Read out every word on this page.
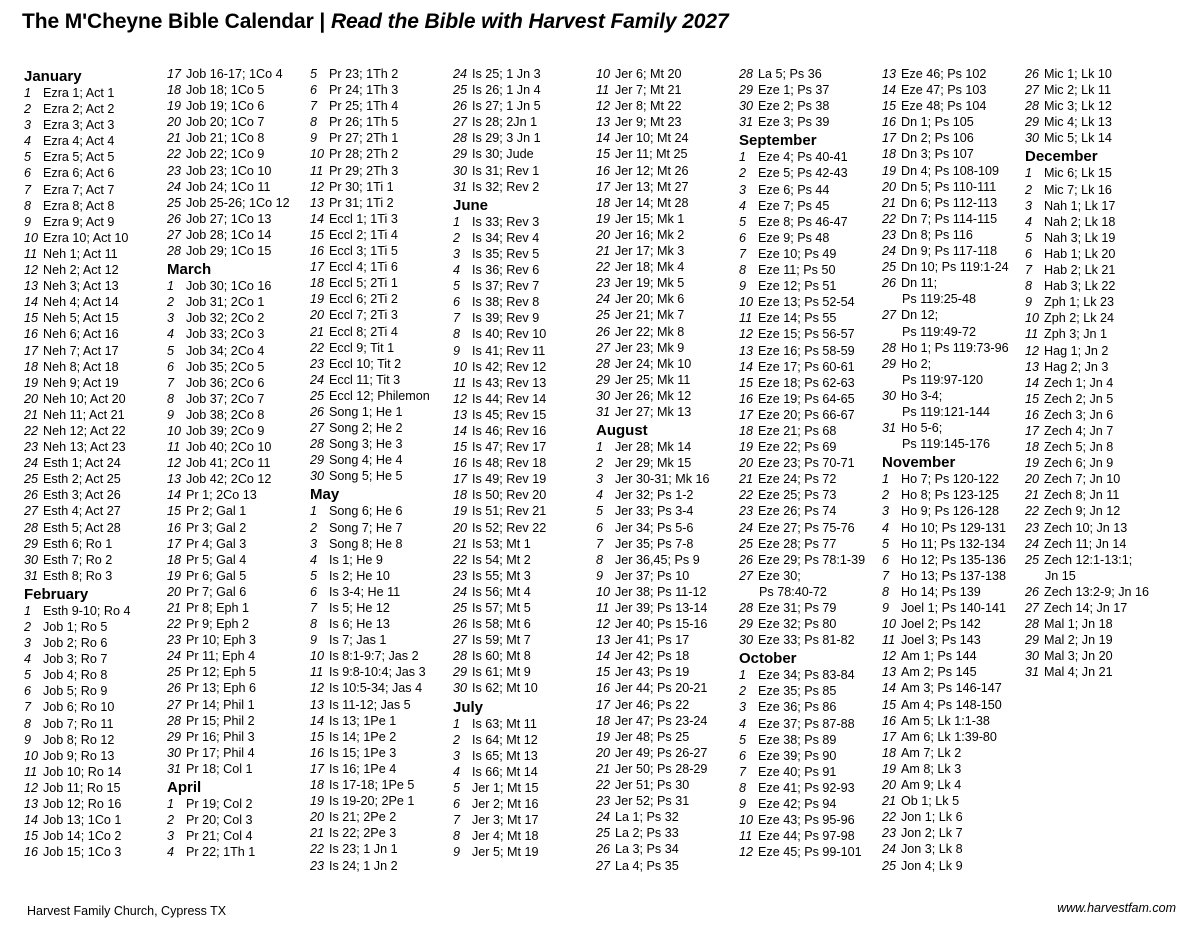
The M'Cheyne Bible Calendar | Read the Bible with Harvest Family 2027
January
1 Ezra 1; Act 1
2 Ezra 2; Act 2
3 Ezra 3; Act 3
4 Ezra 4; Act 4
5 Ezra 5; Act 5
6 Ezra 6; Act 6
7 Ezra 7; Act 7
8 Ezra 8; Act 8
9 Ezra 9; Act 9
10 Ezra 10; Act 10
11 Neh 1; Act 11
12 Neh 2; Act 12
13 Neh 3; Act 13
14 Neh 4; Act 14
15 Neh 5; Act 15
16 Neh 6; Act 16
17 Neh 7; Act 17
18 Neh 8; Act 18
19 Neh 9; Act 19
20 Neh 10; Act 20
21 Neh 11; Act 21
22 Neh 12; Act 22
23 Neh 13; Act 23
24 Esth 1; Act 24
25 Esth 2; Act 25
26 Esth 3; Act 26
27 Esth 4; Act 27
28 Esth 5; Act 28
29 Esth 6; Ro 1
30 Esth 7; Ro 2
31 Esth 8; Ro 3
February
1 Esth 9-10; Ro 4
2 Job 1; Ro 5
3 Job 2; Ro 6
4 Job 3; Ro 7
5 Job 4; Ro 8
6 Job 5; Ro 9
7 Job 6; Ro 10
8 Job 7; Ro 11
9 Job 8; Ro 12
10 Job 9; Ro 13
11 Job 10; Ro 14
12 Job 11; Ro 15
13 Job 12; Ro 16
14 Job 13; 1Co 1
15 Job 14; 1Co 2
16 Job 15; 1Co 3
17 Job 16-17; 1Co 4
18 Job 18; 1Co 5
19 Job 19; 1Co 6
20 Job 20; 1Co 7
21 Job 21; 1Co 8
22 Job 22; 1Co 9
23 Job 23; 1Co 10
24 Job 24; 1Co 11
25 Job 25-26; 1Co 12
26 Job 27; 1Co 13
27 Job 28; 1Co 14
28 Job 29; 1Co 15
March
1 Job 30; 1Co 16
2 Job 31; 2Co 1
3 Job 32; 2Co 2
4 Job 33; 2Co 3
5 Job 34; 2Co 4
6 Job 35; 2Co 5
7 Job 36; 2Co 6
8 Job 37; 2Co 7
9 Job 38; 2Co 8
10 Job 39; 2Co 9
11 Job 40; 2Co 10
12 Job 41; 2Co 11
13 Job 42; 2Co 12
14 Pr 1; 2Co 13
15 Pr 2; Gal 1
16 Pr 3; Gal 2
17 Pr 4; Gal 3
18 Pr 5; Gal 4
19 Pr 6; Gal 5
20 Pr 7; Gal 6
21 Pr 8; Eph 1
22 Pr 9; Eph 2
23 Pr 10; Eph 3
24 Pr 11; Eph 4
25 Pr 12; Eph 5
26 Pr 13; Eph 6
27 Pr 14; Phil 1
28 Pr 15; Phil 2
29 Pr 16; Phil 3
30 Pr 17; Phil 4
31 Pr 18; Col 1
April
1 Pr 19; Col 2
2 Pr 20; Col 3
3 Pr 21; Col 4
4 Pr 22; 1Th 1
5 Pr 23; 1Th 2
6 Pr 24; 1Th 3
7 Pr 25; 1Th 4
8 Pr 26; 1Th 5
9 Pr 27; 2Th 1
10 Pr 28; 2Th 2
11 Pr 29; 2Th 3
12 Pr 30; 1Ti 1
13 Pr 31; 1Ti 2
14 Eccl 1; 1Ti 3
15 Eccl 2; 1Ti 4
16 Eccl 3; 1Ti 5
17 Eccl 4; 1Ti 6
18 Eccl 5; 2Ti 1
19 Eccl 6; 2Ti 2
20 Eccl 7; 2Ti 3
21 Eccl 8; 2Ti 4
22 Eccl 9; Tit 1
23 Eccl 10; Tit 2
24 Eccl 11; Tit 3
25 Eccl 12; Philemon
26 Song 1; He 1
27 Song 2; He 2
28 Song 3; He 3
29 Song 4; He 4
30 Song 5; He 5
May
1 Song 6; He 6
2 Song 7; He 7
3 Song 8; He 8
4 Is 1; He 9
5 Is 2; He 10
6 Is 3-4; He 11
7 Is 5; He 12
8 Is 6; He 13
9 Is 7; Jas 1
10 Is 8:1-9:7; Jas 2
11 Is 9:8-10:4; Jas 3
12 Is 10:5-34; Jas 4
13 Is 11-12; Jas 5
14 Is 13; 1Pe 1
15 Is 14; 1Pe 2
16 Is 15; 1Pe 3
17 Is 16; 1Pe 4
18 Is 17-18; 1Pe 5
19 Is 19-20; 2Pe 1
20 Is 21; 2Pe 2
21 Is 22; 2Pe 3
22 Is 23; 1 Jn 1
23 Is 24; 1 Jn 2
24 Is 25; 1 Jn 3
25 Is 26; 1 Jn 4
26 Is 27; 1 Jn 5
27 Is 28; 2Jn 1
28 Is 29; 3 Jn 1
29 Is 30; Jude
30 Is 31; Rev 1
31 Is 32; Rev 2
June
1 Is 33; Rev 3
2 Is 34; Rev 4
3 Is 35; Rev 5
4 Is 36; Rev 6
5 Is 37; Rev 7
6 Is 38; Rev 8
7 Is 39; Rev 9
8 Is 40; Rev 10
9 Is 41; Rev 11
10 Is 42; Rev 12
11 Is 43; Rev 13
12 Is 44; Rev 14
13 Is 45; Rev 15
14 Is 46; Rev 16
15 Is 47; Rev 17
16 Is 48; Rev 18
17 Is 49; Rev 19
18 Is 50; Rev 20
19 Is 51; Rev 21
20 Is 52; Rev 22
21 Is 53; Mt 1
22 Is 54; Mt 2
23 Is 55; Mt 3
24 Is 56; Mt 4
25 Is 57; Mt 5
26 Is 58; Mt 6
27 Is 59; Mt 7
28 Is 60; Mt 8
29 Is 61; Mt 9
30 Is 62; Mt 10
July
1 Is 63; Mt 11
2 Is 64; Mt 12
3 Is 65; Mt 13
4 Is 66; Mt 14
5 Jer 1; Mt 15
6 Jer 2; Mt 16
7 Jer 3; Mt 17
8 Jer 4; Mt 18
9 Jer 5; Mt 19
10 Jer 6; Mt 20
11 Jer 7; Mt 21
12 Jer 8; Mt 22
13 Jer 9; Mt 23
14 Jer 10; Mt 24
15 Jer 11; Mt 25
16 Jer 12; Mt 26
17 Jer 13; Mt 27
18 Jer 14; Mt 28
19 Jer 15; Mk 1
20 Jer 16; Mk 2
21 Jer 17; Mk 3
22 Jer 18; Mk 4
23 Jer 19; Mk 5
24 Jer 20; Mk 6
25 Jer 21; Mk 7
26 Jer 22; Mk 8
27 Jer 23; Mk 9
28 Jer 24; Mk 10
29 Jer 25; Mk 11
30 Jer 26; Mk 12
31 Jer 27; Mk 13
August
1 Jer 28; Mk 14
2 Jer 29; Mk 15
3 Jer 30-31; Mk 16
4 Jer 32; Ps 1-2
5 Jer 33; Ps 3-4
6 Jer 34; Ps 5-6
7 Jer 35; Ps 7-8
8 Jer 36,45; Ps 9
9 Jer 37; Ps 10
10 Jer 38; Ps 11-12
11 Jer 39; Ps 13-14
12 Jer 40; Ps 15-16
13 Jer 41; Ps 17
14 Jer 42; Ps 18
15 Jer 43; Ps 19
16 Jer 44; Ps 20-21
17 Jer 46; Ps 22
18 Jer 47; Ps 23-24
19 Jer 48; Ps 25
20 Jer 49; Ps 26-27
21 Jer 50; Ps 28-29
22 Jer 51; Ps 30
23 Jer 52; Ps 31
24 La 1; Ps 32
25 La 2; Ps 33
26 La 3; Ps 34
27 La 4; Ps 35
28 La 5; Ps 36
29 Eze 1; Ps 37
30 Eze 2; Ps 38
31 Eze 3; Ps 39
September
1 Eze 4; Ps 40-41
2 Eze 5; Ps 42-43
3 Eze 6; Ps 44
4 Eze 7; Ps 45
5 Eze 8; Ps 46-47
6 Eze 9; Ps 48
7 Eze 10; Ps 49
8 Eze 11; Ps 50
9 Eze 12; Ps 51
10 Eze 13; Ps 52-54
11 Eze 14; Ps 55
12 Eze 15; Ps 56-57
13 Eze 16; Ps 58-59
14 Eze 17; Ps 60-61
15 Eze 18; Ps 62-63
16 Eze 19; Ps 64-65
17 Eze 20; Ps 66-67
18 Eze 21; Ps 68
19 Eze 22; Ps 69
20 Eze 23; Ps 70-71
21 Eze 24; Ps 72
22 Eze 25; Ps 73
23 Eze 26; Ps 74
24 Eze 27; Ps 75-76
25 Eze 28; Ps 77
26 Eze 29; Ps 78:1-39
27 Eze 30;
Ps 78:40-72
28 Eze 31; Ps 79
29 Eze 32; Ps 80
30 Eze 33; Ps 81-82
October
1 Eze 34; Ps 83-84
2 Eze 35; Ps 85
3 Eze 36; Ps 86
4 Eze 37; Ps 87-88
5 Eze 38; Ps 89
6 Eze 39; Ps 90
7 Eze 40; Ps 91
8 Eze 41; Ps 92-93
9 Eze 42; Ps 94
10 Eze 43; Ps 95-96
11 Eze 44; Ps 97-98
12 Eze 45; Ps 99-101
13 Eze 46; Ps 102
14 Eze 47; Ps 103
15 Eze 48; Ps 104
16 Dn 1; Ps 105
17 Dn 2; Ps 106
18 Dn 3; Ps 107
19 Dn 4; Ps 108-109
20 Dn 5; Ps 110-111
21 Dn 6; Ps 112-113
22 Dn 7; Ps 114-115
23 Dn 8; Ps 116
24 Dn 9; Ps 117-118
25 Dn 10; Ps 119:1-24
26 Dn 11;
Ps 119:25-48
27 Dn 12;
Ps 119:49-72
28 Ho 1; Ps 119:73-96
29 Ho 2;
Ps 119:97-120
30 Ho 3-4;
Ps 119:121-144
31 Ho 5-6;
Ps 119:145-176
November
1 Ho 7; Ps 120-122
2 Ho 8; Ps 123-125
3 Ho 9; Ps 126-128
4 Ho 10; Ps 129-131
5 Ho 11; Ps 132-134
6 Ho 12; Ps 135-136
7 Ho 13; Ps 137-138
8 Ho 14; Ps 139
9 Joel 1; Ps 140-141
10 Joel 2; Ps 142
11 Joel 3; Ps 143
12 Am 1; Ps 144
13 Am 2; Ps 145
14 Am 3; Ps 146-147
15 Am 4; Ps 148-150
16 Am 5; Lk 1:1-38
17 Am 6; Lk 1:39-80
18 Am 7; Lk 2
19 Am 8; Lk 3
20 Am 9; Lk 4
21 Ob 1; Lk 5
22 Jon 1; Lk 6
23 Jon 2; Lk 7
24 Jon 3; Lk 8
25 Jon 4; Lk 9
26 Mic 1; Lk 10
27 Mic 2; Lk 11
28 Mic 3; Lk 12
29 Mic 4; Lk 13
30 Mic 5; Lk 14
December
1 Mic 6; Lk 15
2 Mic 7; Lk 16
3 Nah 1; Lk 17
4 Nah 2; Lk 18
5 Nah 3; Lk 19
6 Hab 1; Lk 20
7 Hab 2; Lk 21
8 Hab 3; Lk 22
9 Zph 1; Lk 23
10 Zph 2; Lk 24
11 Zph 3; Jn 1
12 Hag 1; Jn 2
13 Hag 2; Jn 3
14 Zech 1; Jn 4
15 Zech 2; Jn 5
16 Zech 3; Jn 6
17 Zech 4; Jn 7
18 Zech 5; Jn 8
19 Zech 6; Jn 9
20 Zech 7; Jn 10
21 Zech 8; Jn 11
22 Zech 9; Jn 12
23 Zech 10; Jn 13
24 Zech 11; Jn 14
25 Zech 12:1-13:1;
Jn 15
26 Zech 13:2-9; Jn 16
27 Zech 14; Jn 17
28 Mal 1; Jn 18
29 Mal 2; Jn 19
30 Mal 3; Jn 20
31 Mal 4; Jn 21
Harvest Family Church, Cypress TX	www.harvestfam.com
